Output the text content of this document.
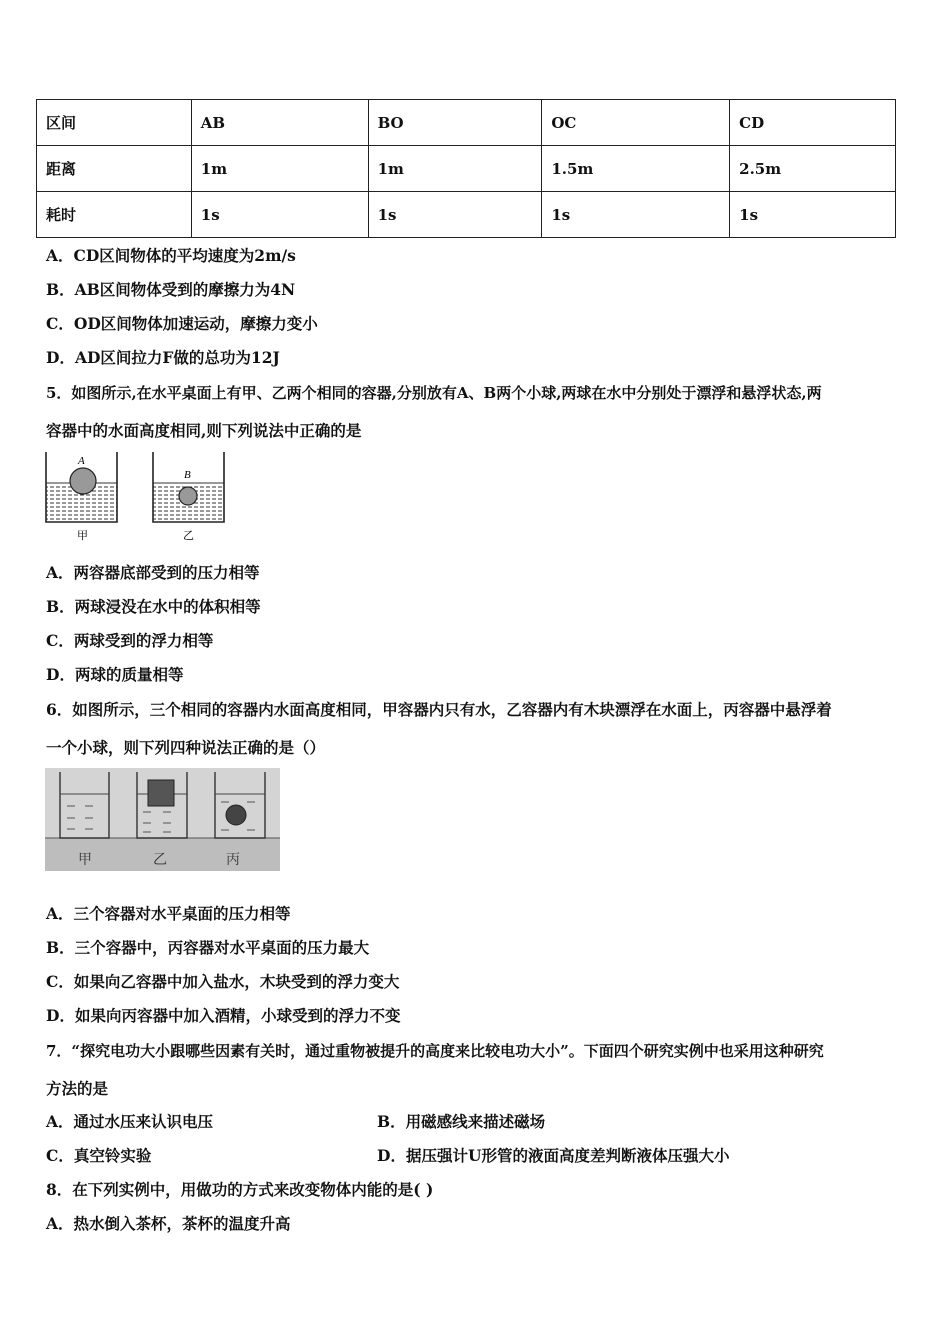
区间	AB	BO	OC	CD
距离	1m	1m	1.5m	2.5m
耗时	1s	1s	1s	1s
A．CD区间物体的平均速度为2m/s
B．AB区间物体受到的摩擦力为4N
C．OD区间物体加速运动，摩擦力变小
D．AD区间拉力F做的总功为12J
5．如图所示,在水平桌面上有甲、乙两个相同的容器,分别放有A、B两个小球,两球在水中分别处于漂浮和悬浮状态,两
容器中的水面高度相同,则下列说法中正确的是
A
B
甲	乙
A．两容器底部受到的压力相等
B．两球浸没在水中的体积相等
C．两球受到的浮力相等
D．两球的质量相等
6．如图所示，三个相同的容器内水面高度相同，甲容器内只有水，乙容器内有木块漂浮在水面上，丙容器中悬浮着
一个小球，则下列四种说法正确的是（）
甲	乙	丙
A．三个容器对水平桌面的压力相等
B．三个容器中，丙容器对水平桌面的压力最大
C．如果向乙容器中加入盐水，木块受到的浮力变大
D．如果向丙容器中加入酒精，小球受到的浮力不变
7．“探究电功大小跟哪些因素有关时，通过重物被提升的高度来比较电功大小”。下面四个研究实例中也采用这种研究
方法的是
A．通过水压来认识电压	B．用磁感线来描述磁场
C．真空铃实验	D．据压强计U形管的液面高度差判断液体压强大小
8．在下列实例中，用做功的方式来改变物体内能的是( )
A．热水倒入茶杯，茶杯的温度升高
